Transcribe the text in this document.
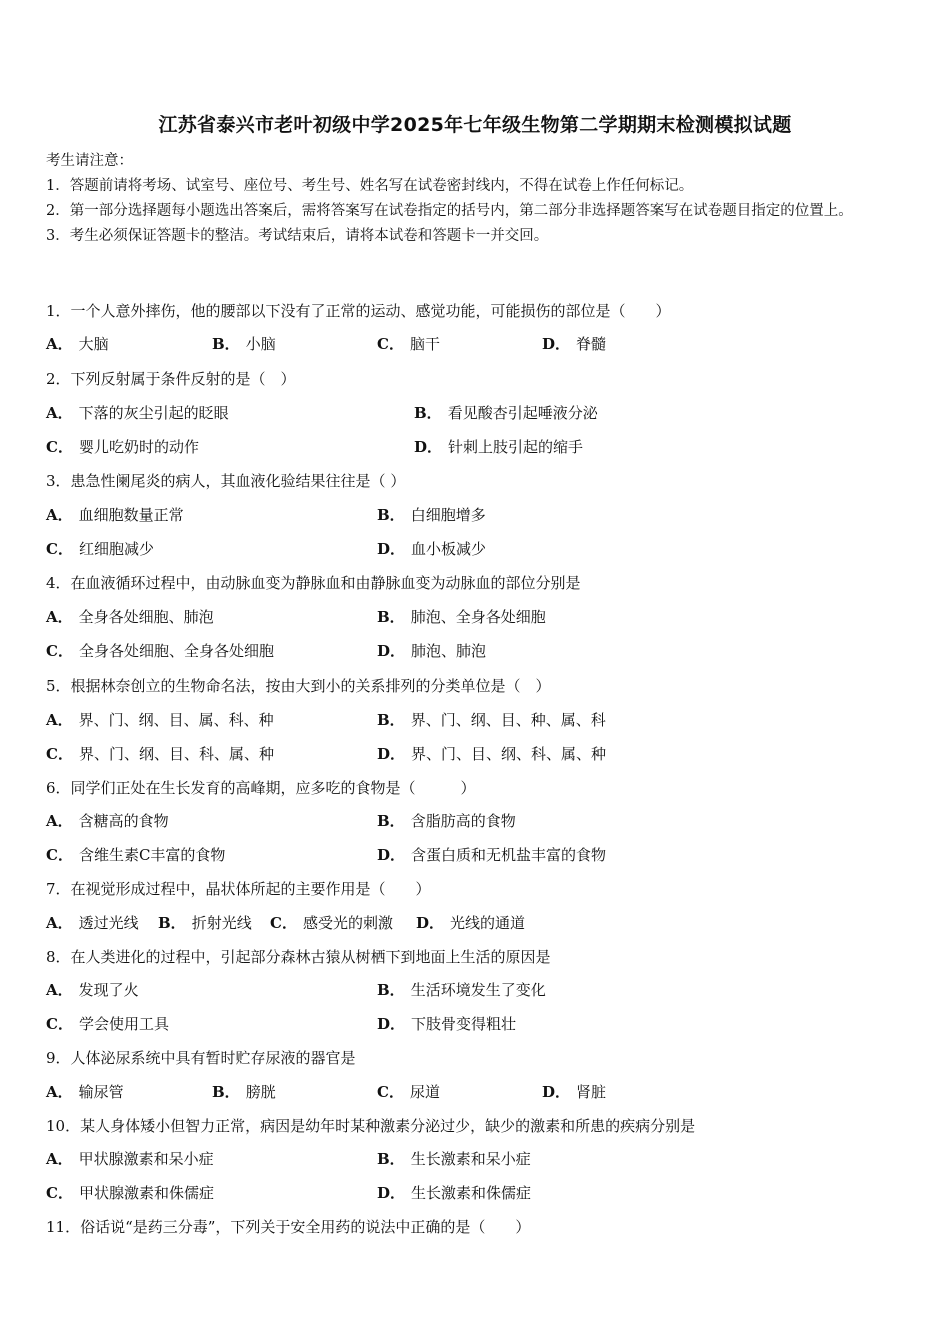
江苏省泰兴市老叶初级中学2025年七年级生物第二学期期末检测模拟试题
考生请注意：
1．答题前请将考场、试室号、座位号、考生号、姓名写在试卷密封线内，不得在试卷上作任何标记。
2．第一部分选择题每小题选出答案后，需将答案写在试卷指定的括号内，第二部分非选择题答案写在试卷题目指定的位置上。
3．考生必须保证答题卡的整洁。考试结束后，请将本试卷和答题卡一并交回。
1．一个人意外摔伤，他的腰部以下没有了正常的运动、感觉功能，可能损伤的部位是（　　）
A． 大脑	B． 小脑	C． 脑干	D． 脊髓
2．下列反射属于条件反射的是（　）
A． 下落的灰尘引起的眨眼	B． 看见酸杏引起唾液分泌
C． 婴儿吃奶时的动作	D． 针刺上肢引起的缩手
3．患急性阑尾炎的病人，其血液化验结果往往是（ ）
A． 血细胞数量正常	B． 白细胞增多
C． 红细胞减少	D． 血小板减少
4．在血液循环过程中，由动脉血变为静脉血和由静脉血变为动脉血的部位分别是
A． 全身各处细胞、肺泡	B． 肺泡、全身各处细胞
C． 全身各处细胞、全身各处细胞	D． 肺泡、肺泡
5．根据林奈创立的生物命名法，按由大到小的关系排列的分类单位是（　）
A． 界、门、纲、目、属、科、种	B． 界、门、纲、目、种、属、科
C． 界、门、纲、目、科、属、种	D． 界、门、目、纲、科、属、种
6．同学们正处在生长发育的高峰期，应多吃的食物是（　　　）
A． 含糖高的食物	B． 含脂肪高的食物
C． 含维生素C丰富的食物	D． 含蛋白质和无机盐丰富的食物
7．在视觉形成过程中，晶状体所起的主要作用是（　　）
A． 透过光线 B． 折射光线 C． 感受光的刺激 D． 光线的通道
8．在人类进化的过程中，引起部分森林古猿从树栖下到地面上生活的原因是
A． 发现了火	B． 生活环境发生了变化
C． 学会使用工具	D． 下肢骨变得粗壮
9．人体泌尿系统中具有暂时贮存尿液的器官是
A． 输尿管	B． 膀胱	C． 尿道	D． 肾脏
10．某人身体矮小但智力正常，病因是幼年时某种激素分泌过少，缺少的激素和所患的疾病分别是
A． 甲状腺激素和呆小症	B． 生长激素和呆小症
C． 甲状腺激素和侏儒症	D． 生长激素和侏儒症
11．俗话说“是药三分毒”，下列关于安全用药的说法中正确的是（　　）
